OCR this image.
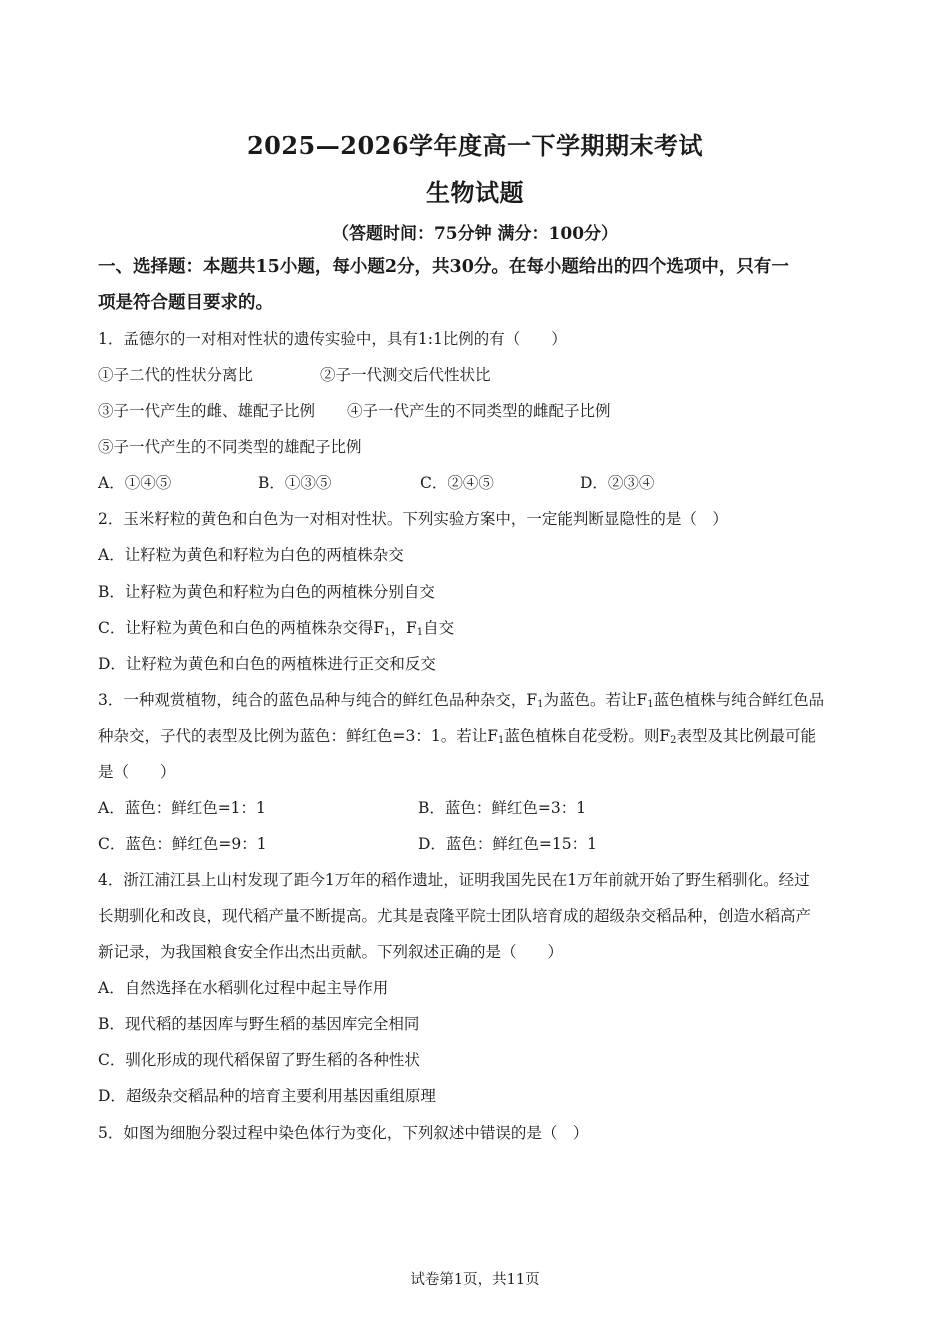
2025—2026学年度高一下学期期末考试
生物试题
（答题时间：75分钟 满分：100分）
一、选择题：本题共15小题，每小题2分，共30分。在每小题给出的四个选项中，只有一
项是符合题目要求的。
1．孟德尔的一对相对性状的遗传实验中，具有1:1比例的有（　　）
①子二代的性状分离比	②子一代测交后代性状比
③子一代产生的雌、雄配子比例 ④子一代产生的不同类型的雌配子比例
⑤子一代产生的不同类型的雄配子比例
A．①④⑤	B．①③⑤	C．②④⑤	D．②③④
2．玉米籽粒的黄色和白色为一对相对性状。下列实验方案中，一定能判断显隐性的是（　）
A．让籽粒为黄色和籽粒为白色的两植株杂交
B．让籽粒为黄色和籽粒为白色的两植株分别自交
C．让籽粒为黄色和白色的两植株杂交得$F_1$，$F_1$自交
D．让籽粒为黄色和白色的两植株进行正交和反交
3．一种观赏植物，纯合的蓝色品种与纯合的鲜红色品种杂交，$F_1$为蓝色。若让$F_1$蓝色植株与纯合鲜红色品
种杂交，子代的表型及比例为蓝色：鲜红色=3：1。若让$F_1$蓝色植株自花受粉。则$F_2$表型及其比例最可能
是（　　）
A．蓝色：鲜红色=1：1	B．蓝色：鲜红色=3：1
C．蓝色：鲜红色=9：1	D．蓝色：鲜红色=15：1
4．浙江浦江县上山村发现了距今1万年的稻作遗址，证明我国先民在1万年前就开始了野生稻驯化。经过
长期驯化和改良，现代稻产量不断提高。尤其是袁隆平院士团队培育成的超级杂交稻品种，创造水稻高产
新记录，为我国粮食安全作出杰出贡献。下列叙述正确的是（　　）
A．自然选择在水稻驯化过程中起主导作用
B．现代稻的基因库与野生稻的基因库完全相同
C．驯化形成的现代稻保留了野生稻的各种性状
D．超级杂交稻品种的培育主要利用基因重组原理
5．如图为细胞分裂过程中染色体行为变化，下列叙述中错误的是（　）
试卷第1页，共11页
